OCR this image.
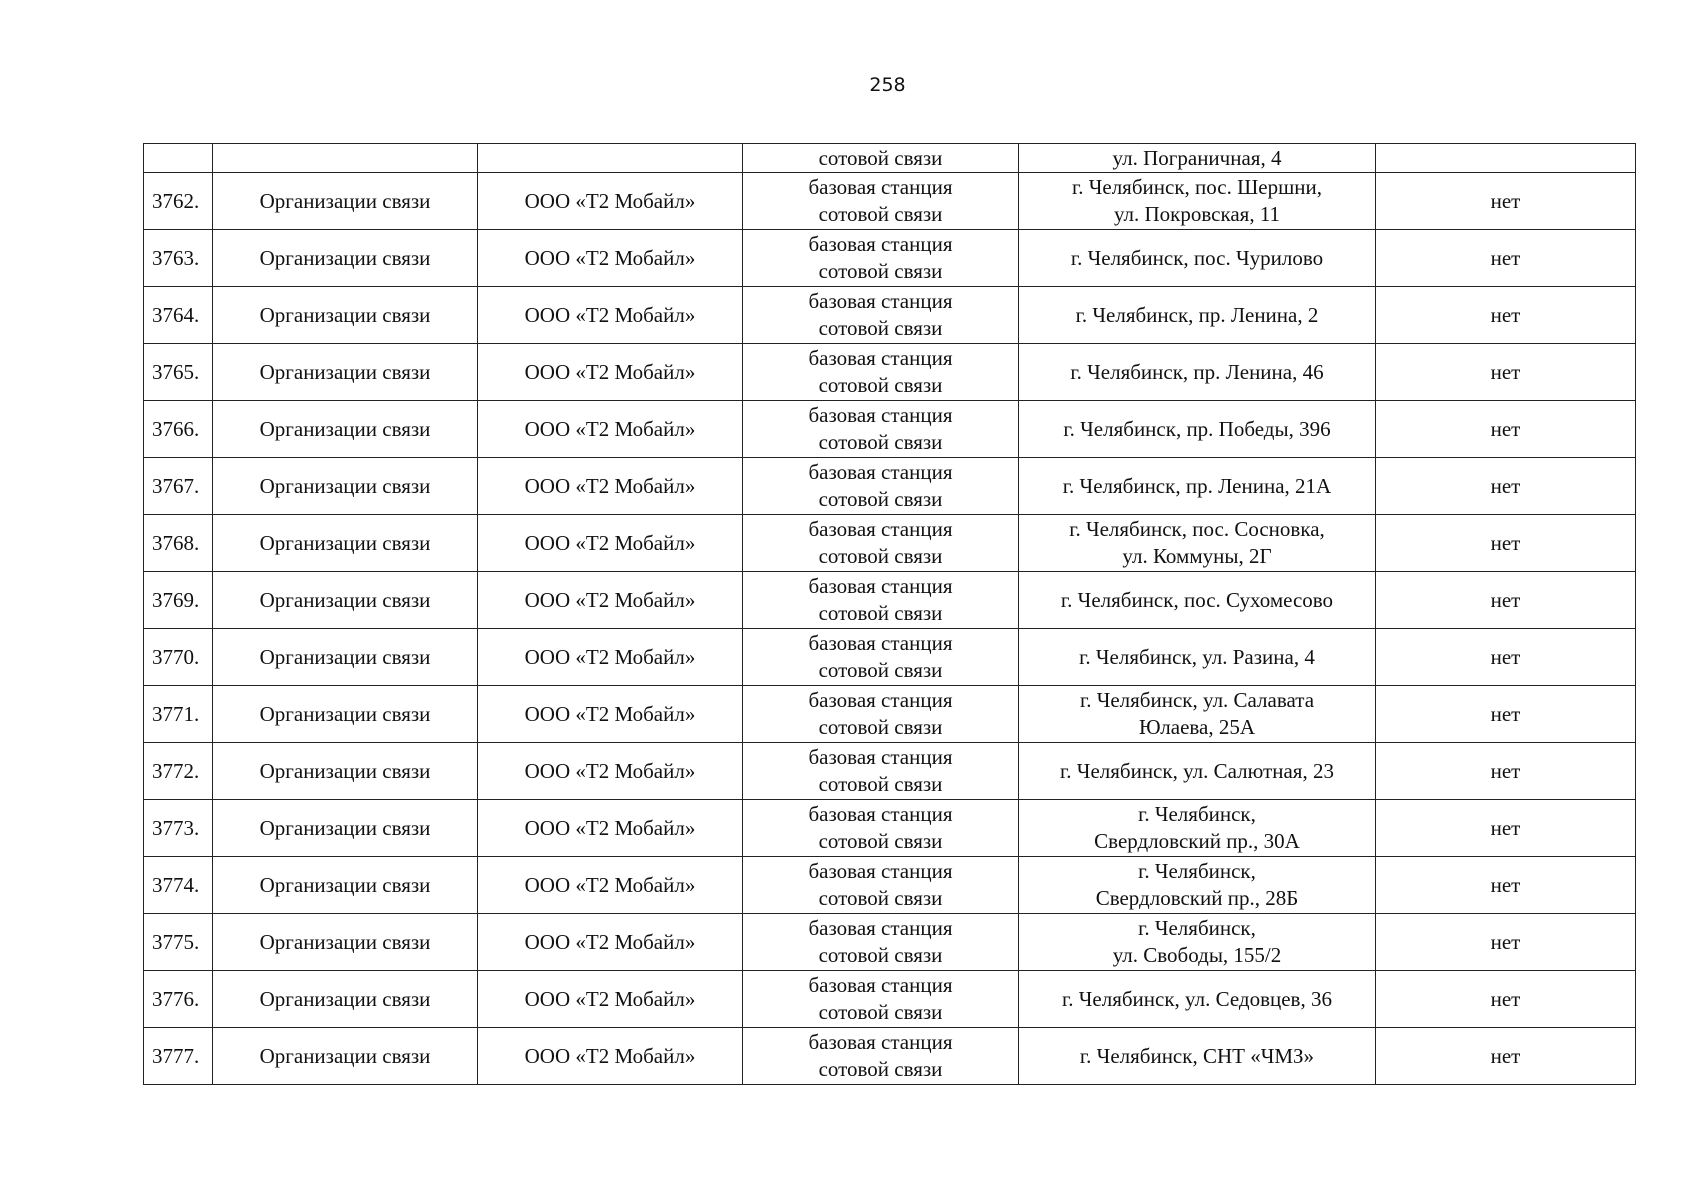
258
			сотовой связи	ул. Пограничная, 4	
3762.	Организации связи	ООО «Т2 Мобайл»	базовая станция
сотовой связи	г. Челябинск, пос. Шершни,
ул. Покровская, 11	нет
3763.	Организации связи	ООО «Т2 Мобайл»	базовая станция
сотовой связи	г. Челябинск, пос. Чурилово	нет
3764.	Организации связи	ООО «Т2 Мобайл»	базовая станция
сотовой связи	г. Челябинск, пр. Ленина, 2	нет
3765.	Организации связи	ООО «Т2 Мобайл»	базовая станция
сотовой связи	г. Челябинск, пр. Ленина, 46	нет
3766.	Организации связи	ООО «Т2 Мобайл»	базовая станция
сотовой связи	г. Челябинск, пр. Победы, 396	нет
3767.	Организации связи	ООО «Т2 Мобайл»	базовая станция
сотовой связи	г. Челябинск, пр. Ленина, 21А	нет
3768.	Организации связи	ООО «Т2 Мобайл»	базовая станция
сотовой связи	г. Челябинск, пос. Сосновка,
ул. Коммуны, 2Г	нет
3769.	Организации связи	ООО «Т2 Мобайл»	базовая станция
сотовой связи	г. Челябинск, пос. Сухомесово	нет
3770.	Организации связи	ООО «Т2 Мобайл»	базовая станция
сотовой связи	г. Челябинск, ул. Разина, 4	нет
3771.	Организации связи	ООО «Т2 Мобайл»	базовая станция
сотовой связи	г. Челябинск, ул. Салавата
Юлаева, 25А	нет
3772.	Организации связи	ООО «Т2 Мобайл»	базовая станция
сотовой связи	г. Челябинск, ул. Салютная, 23	нет
3773.	Организации связи	ООО «Т2 Мобайл»	базовая станция
сотовой связи	г. Челябинск,
Свердловский пр., 30А	нет
3774.	Организации связи	ООО «Т2 Мобайл»	базовая станция
сотовой связи	г. Челябинск,
Свердловский пр., 28Б	нет
3775.	Организации связи	ООО «Т2 Мобайл»	базовая станция
сотовой связи	г. Челябинск,
ул. Свободы, 155/2	нет
3776.	Организации связи	ООО «Т2 Мобайл»	базовая станция
сотовой связи	г. Челябинск, ул. Седовцев, 36	нет
3777.	Организации связи	ООО «Т2 Мобайл»	базовая станция
сотовой связи	г. Челябинск, СНТ «ЧМЗ»	нет
